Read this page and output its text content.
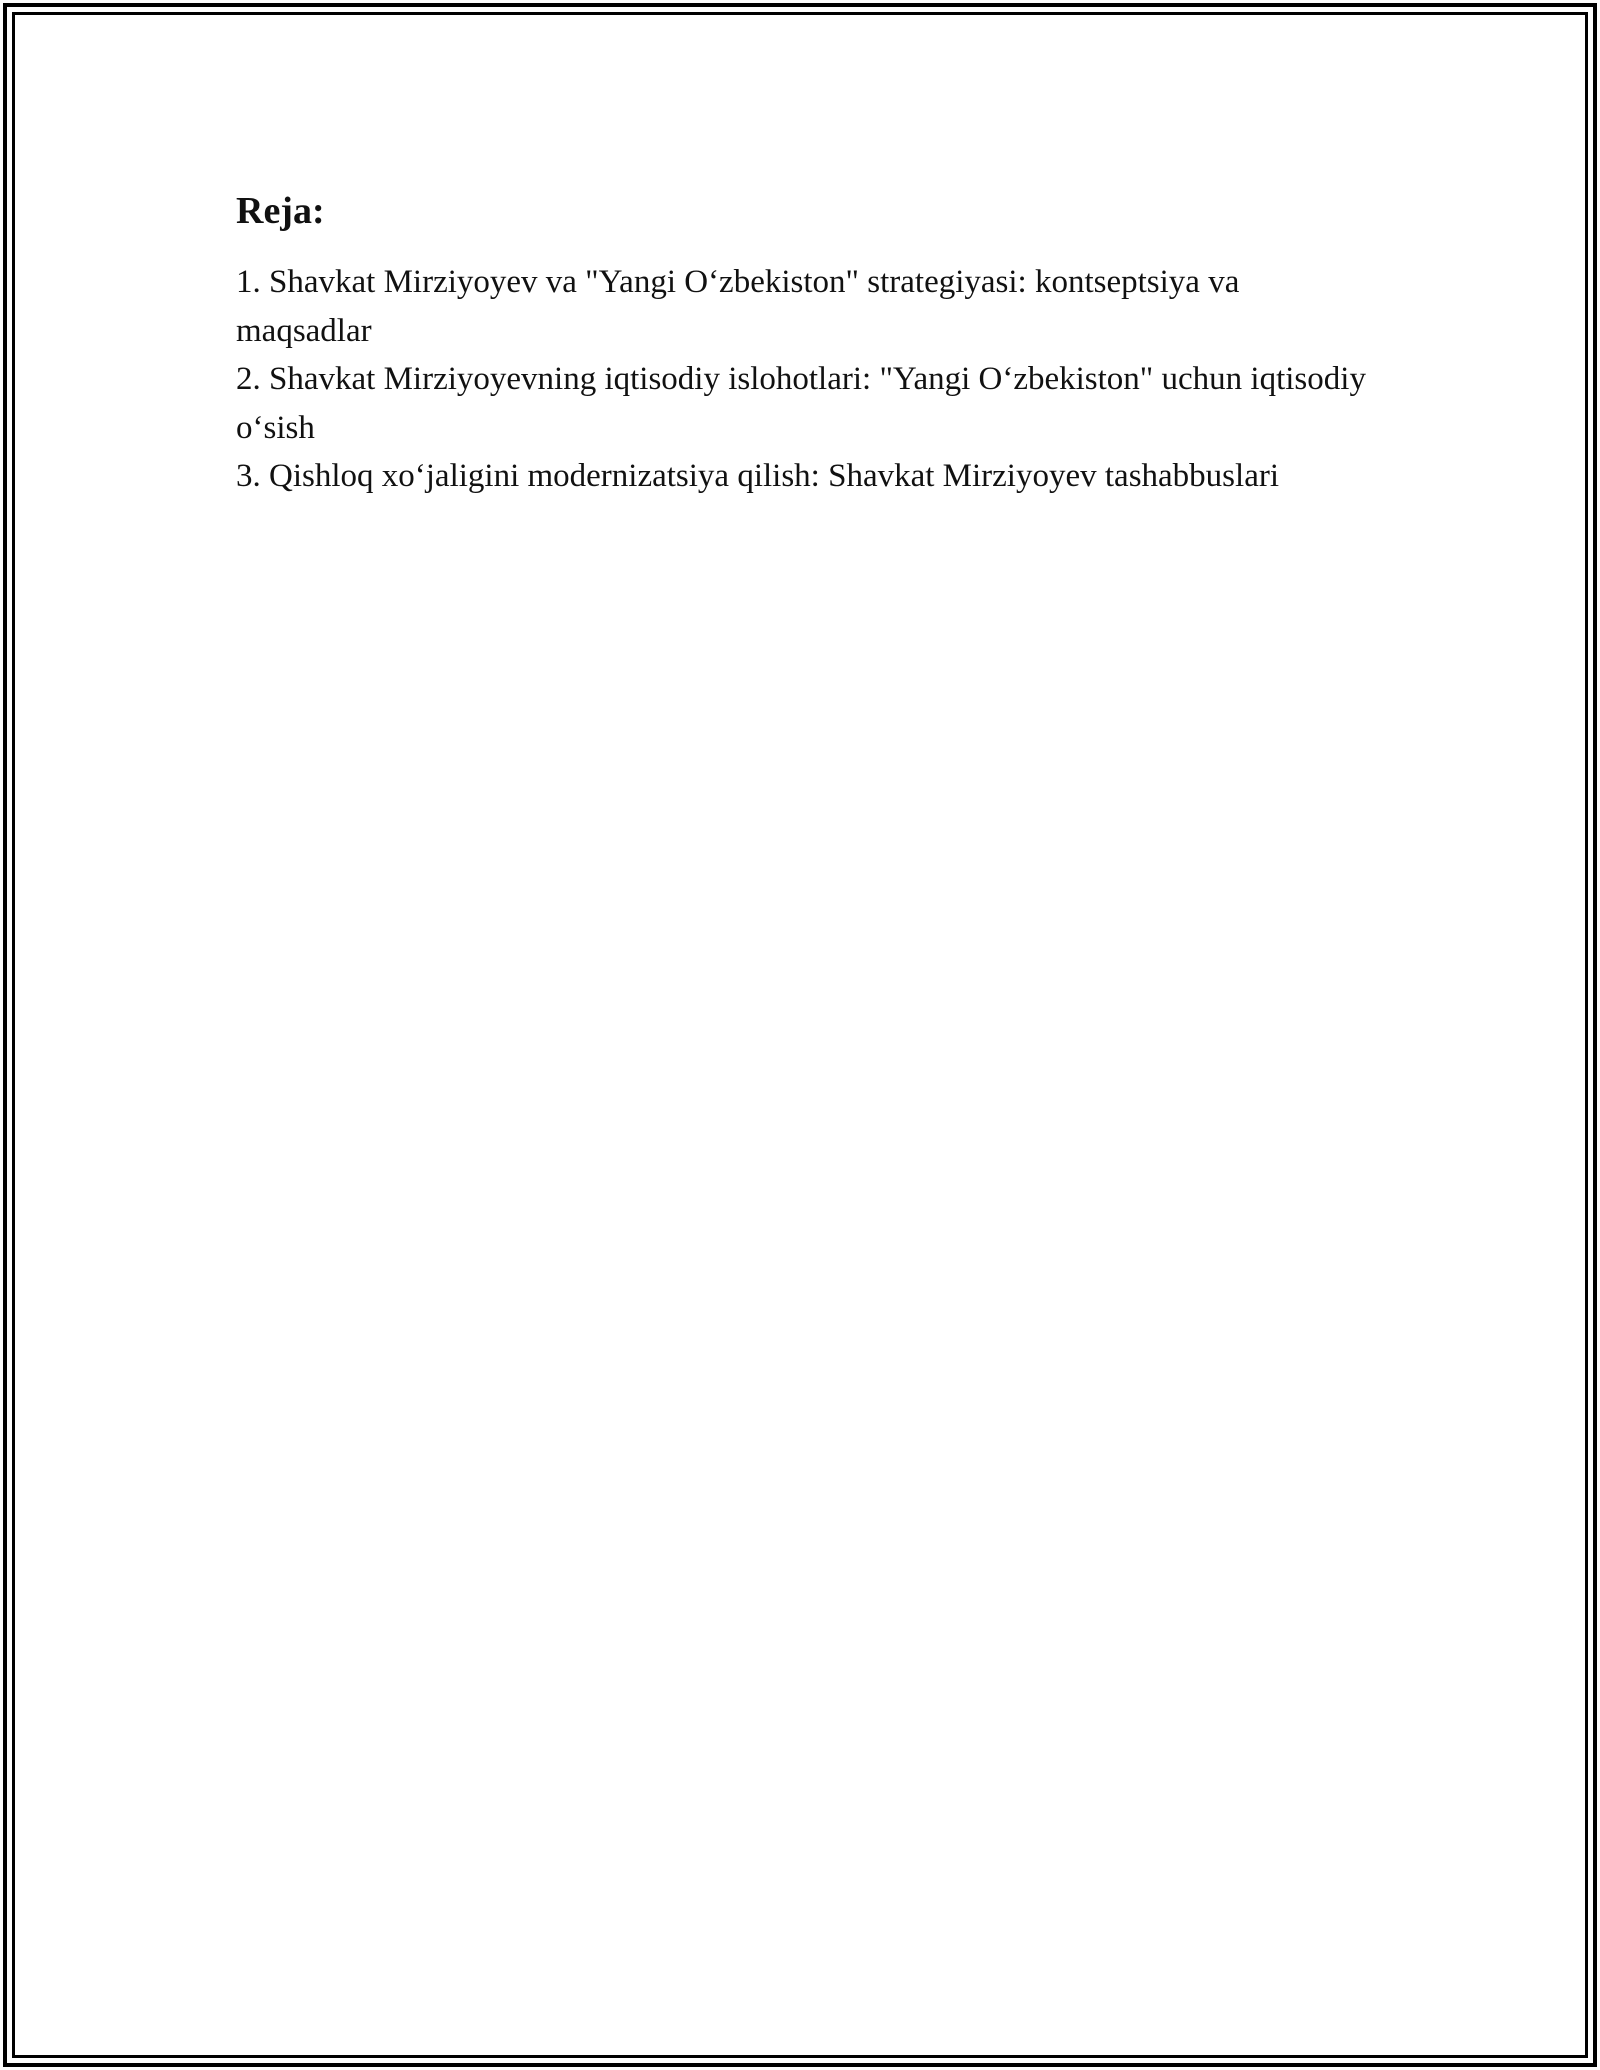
Reja:
1. Shavkat Mirziyoyev va "Yangi O‘zbekiston" strategiyasi: kontseptsiya va maqsadlar
2. Shavkat Mirziyoyevning iqtisodiy islohotlari: "Yangi O‘zbekiston" uchun iqtisodiy o‘sish
3. Qishloq xo‘jaligini modernizatsiya qilish: Shavkat Mirziyoyev tashabbuslari
